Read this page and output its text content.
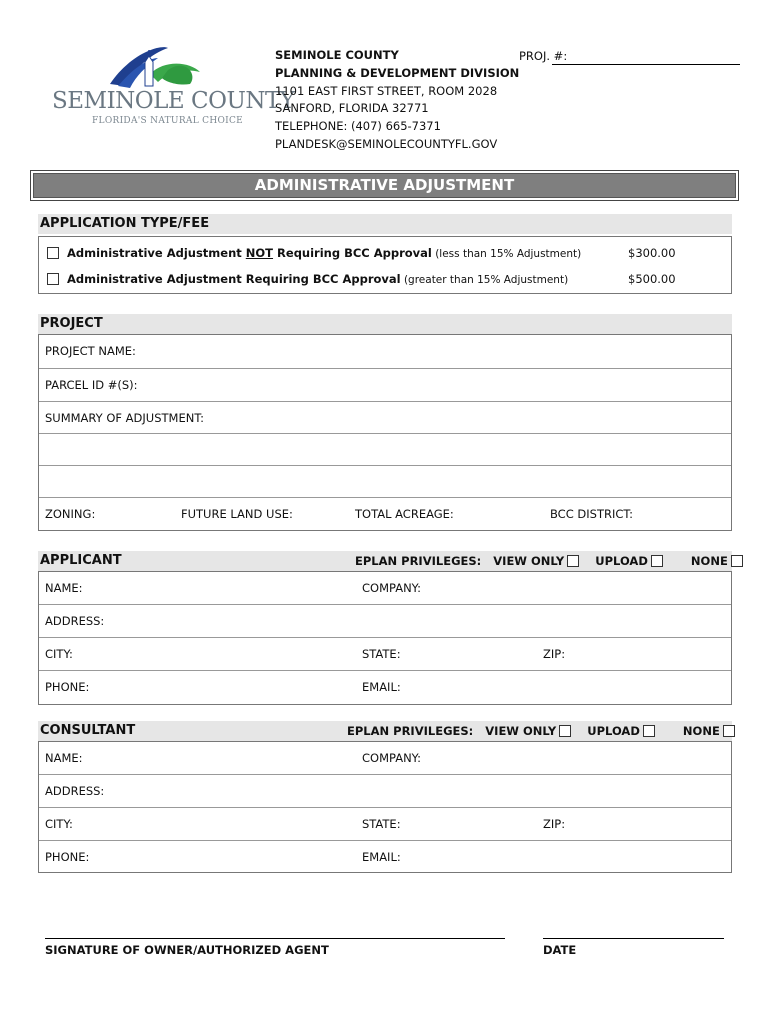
SEMINOLE COUNTY
FLORIDA'S NATURAL CHOICE
SEMINOLE COUNTY
PLANNING & DEVELOPMENT DIVISION
1101 EAST FIRST STREET, ROOM 2028
SANFORD, FLORIDA 32771
TELEPHONE: (407) 665-7371
PLANDESK@SEMINOLECOUNTYFL.GOV
PROJ. #:
ADMINISTRATIVE ADJUSTMENT
APPLICATION TYPE/FEE
Administrative Adjustment NOT Requiring BCC Approval (less than 15% Adjustment)	$300.00
Administrative Adjustment Requiring BCC Approval (greater than 15% Adjustment)	$500.00
PROJECT
PROJECT NAME:
PARCEL ID #(S):
SUMMARY OF ADJUSTMENT:
ZONING:	FUTURE LAND USE:	TOTAL ACREAGE:	BCC DISTRICT:
APPLICANT	EPLAN PRIVILEGES: VIEW ONLY	UPLOAD	NONE
NAME:	COMPANY:
ADDRESS:
CITY:	STATE:	ZIP:
PHONE:	EMAIL:
CONSULTANT	EPLAN PRIVILEGES: VIEW ONLY	UPLOAD	NONE
NAME:	COMPANY:
ADDRESS:
CITY:	STATE:	ZIP:
PHONE:	EMAIL:
SIGNATURE OF OWNER/AUTHORIZED AGENT	DATE
